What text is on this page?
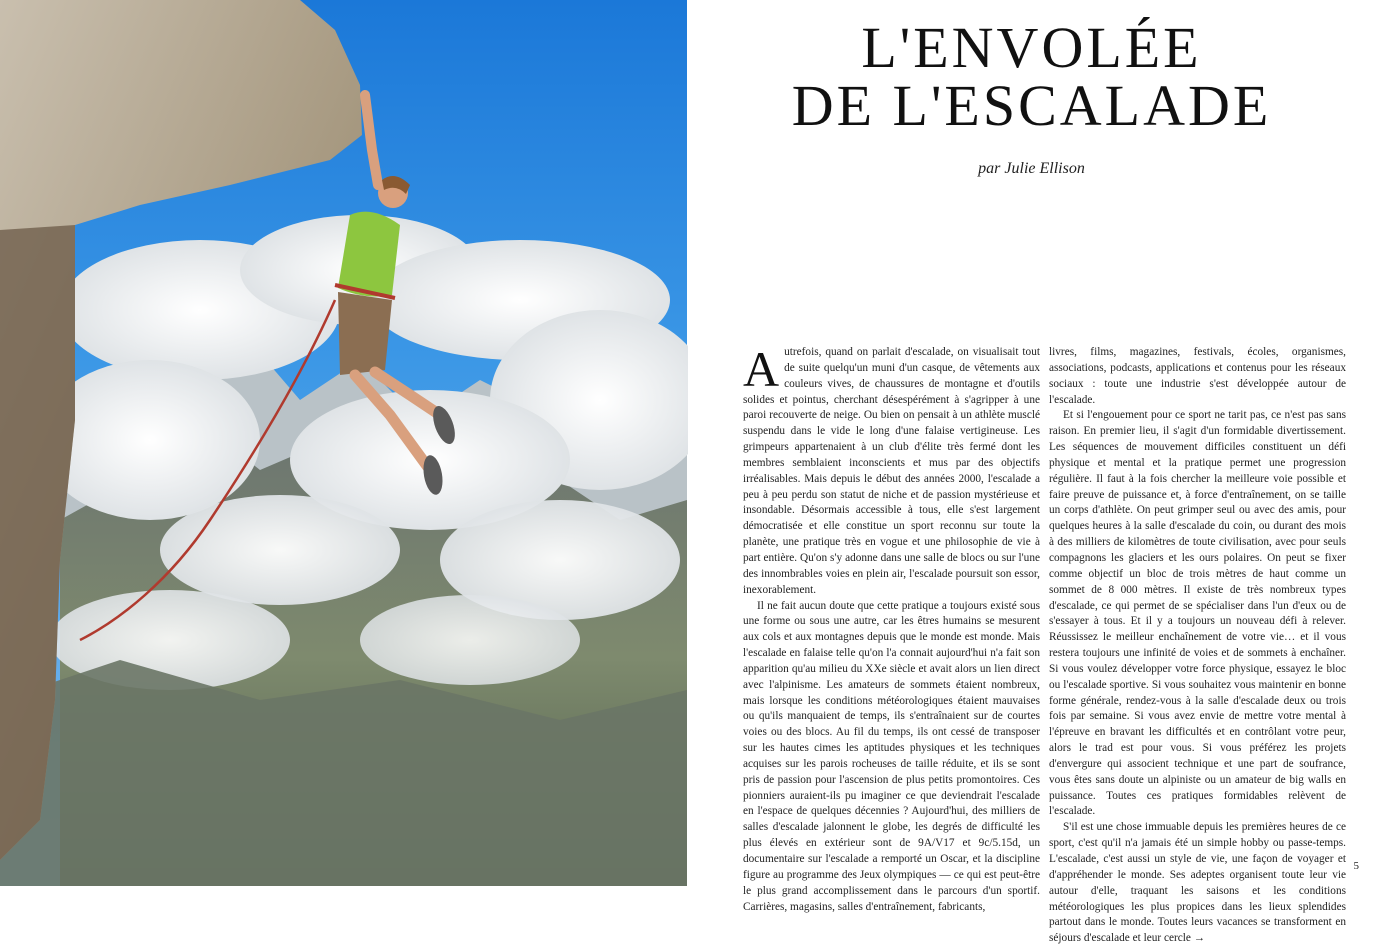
L'ENVOLÉE
DE L'ESCALADE
par Julie Ellison

Autrefois, quand on parlait d'escalade, on visualisait tout de suite quelqu'un muni d'un casque, de vêtements aux couleurs vives, de chaussures de montagne et d'outils solides et pointus, cherchant désespérément à s'agripper à une paroi recouverte de neige. Ou bien on pensait à un athlète musclé suspendu dans le vide le long d'une falaise vertigineuse. Les grimpeurs appartenaient à un club d'élite très fermé dont les membres semblaient inconscients et mus par des objectifs irréalisables. Mais depuis le début des années 2000, l'escalade a peu à peu perdu son statut de niche et de passion mystérieuse et insondable. Désormais accessible à tous, elle s'est largement démocratisée et elle constitue un sport reconnu sur toute la planète, une pratique très en vogue et une philosophie de vie à part entière. Qu'on s'y adonne dans une salle de blocs ou sur l'une des innombrables voies en plein air, l'escalade poursuit son essor, inexorablement.

Il ne fait aucun doute que cette pratique a toujours existé sous une forme ou sous une autre, car les êtres humains se mesurent aux cols et aux montagnes depuis que le monde est monde. Mais l'escalade en falaise telle qu'on l'a connait aujourd'hui n'a fait son apparition qu'au milieu du XXe siècle et avait alors un lien direct avec l'alpinisme. Les amateurs de sommets étaient nombreux, mais lorsque les conditions météorologiques étaient mauvaises ou qu'ils manquaient de temps, ils s'entraînaient sur de courtes voies ou des blocs. Au fil du temps, ils ont cessé de transposer sur les hautes cimes les aptitudes physiques et les techniques acquises sur les parois rocheuses de taille réduite, et ils se sont pris de passion pour l'ascension de plus petits promontoires. Ces pionniers auraient-ils pu imaginer ce que deviendrait l'escalade en l'espace de quelques décennies ? Aujourd'hui, des milliers de salles d'escalade jalonnent le globe, les degrés de difficulté les plus élevés en extérieur sont de 9A/V17 et 9c/5.15d, un documentaire sur l'escalade a remporté un Oscar, et la discipline figure au programme des Jeux olympiques — ce qui est peut-être le plus grand accomplissement dans le parcours d'un sportif. Carrières, magasins, salles d'entraînement, fabricants,

livres, films, magazines, festivals, écoles, organismes, associations, podcasts, applications et contenus pour les réseaux sociaux : toute une industrie s'est développée autour de l'escalade.

Et si l'engouement pour ce sport ne tarit pas, ce n'est pas sans raison. En premier lieu, il s'agit d'un formidable divertissement. Les séquences de mouvement difficiles constituent un défi physique et mental et la pratique permet une progression régulière. Il faut à la fois chercher la meilleure voie possible et faire preuve de puissance et, à force d'entraînement, on se taille un corps d'athlète. On peut grimper seul ou avec des amis, pour quelques heures à la salle d'escalade du coin, ou durant des mois à des milliers de kilomètres de toute civilisation, avec pour seuls compagnons les glaciers et les ours polaires. On peut se fixer comme objectif un bloc de trois mètres de haut comme un sommet de 8 000 mètres. Il existe de très nombreux types d'escalade, ce qui permet de se spécialiser dans l'un d'eux ou de s'essayer à tous. Et il y a toujours un nouveau défi à relever. Réussissez le meilleur enchaînement de votre vie… et il vous restera toujours une infinité de voies et de sommets à enchaîner. Si vous voulez développer votre force physique, essayez le bloc ou l'escalade sportive. Si vous souhaitez vous maintenir en bonne forme générale, rendez-vous à la salle d'escalade deux ou trois fois par semaine. Si vous avez envie de mettre votre mental à l'épreuve en bravant les difficultés et en contrôlant votre peur, alors le trad est pour vous. Si vous préférez les projets d'envergure qui associent technique et une part de soufrance, vous êtes sans doute un alpiniste ou un amateur de big walls en puissance. Toutes ces pratiques formidables relèvent de l'escalade.

S'il est une chose immuable depuis les premières heures de ce sport, c'est qu'il n'a jamais été un simple hobby ou passe-temps. L'escalade, c'est aussi un style de vie, une façon de voyager et d'appréhender le monde. Ses adeptes organisent toute leur vie autour d'elle, traquant les saisons et les conditions météorologiques les plus propices dans les lieux splendides partout dans le monde. Toutes leurs vacances se transforment en séjours d'escalade et leur cercle →

5
